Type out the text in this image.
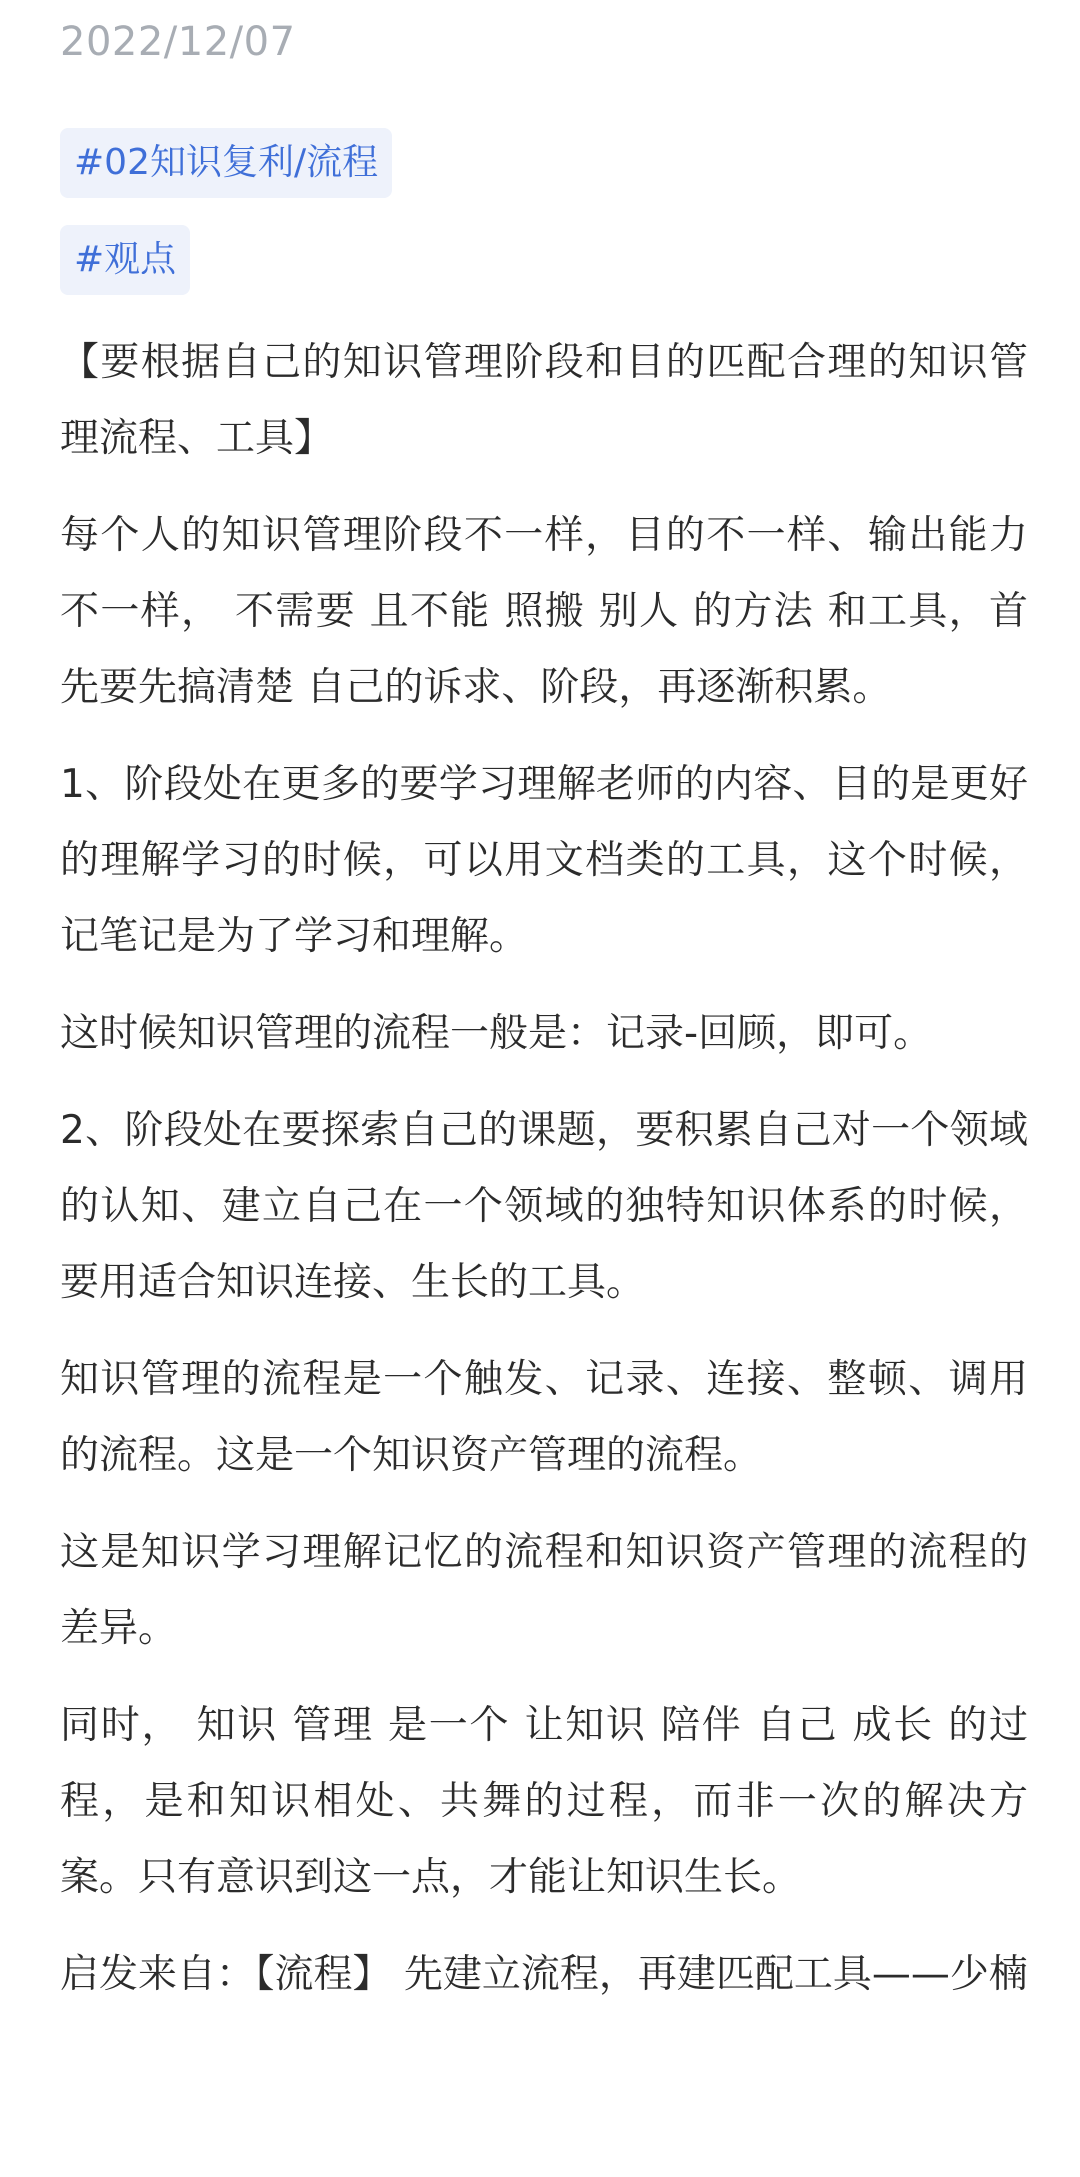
2022/12/07
#02知识复利/流程
#观点

【要根据自己的知识管理阶段和目的匹配合理的知识管理流程、工具】

每个人的知识管理阶段不一样，目的不一样、输出能力 不一样， 不需要 且不能 照搬 别人 的方法 和工具，首先要先搞清楚 自己的诉求、阶段，再逐渐积累。

1、阶段处在更多的要学习理解老师的内容、目的是更好的理解学习的时候，可以用文档类的工具，这个时候，记笔记是为了学习和理解。

这时候知识管理的流程一般是：记录-回顾，即可。

2、阶段处在要探索自己的课题，要积累自己对一个领域的认知、建立自己在一个领域的独特知识体系的时候，要用适合知识连接、生长的工具。

知识管理的流程是一个触发、记录、连接、整顿、调用的流程。这是一个知识资产管理的流程。

这是知识学习理解记忆的流程和知识资产管理的流程的差异。

同时， 知识 管理 是一个 让知识 陪伴 自己 成长 的过程，是和知识相处、共舞的过程，而非一次的解决方案。只有意识到这一点，才能让知识生长。

启发来自：【流程】 先建立流程，再建匹配工具——少楠
